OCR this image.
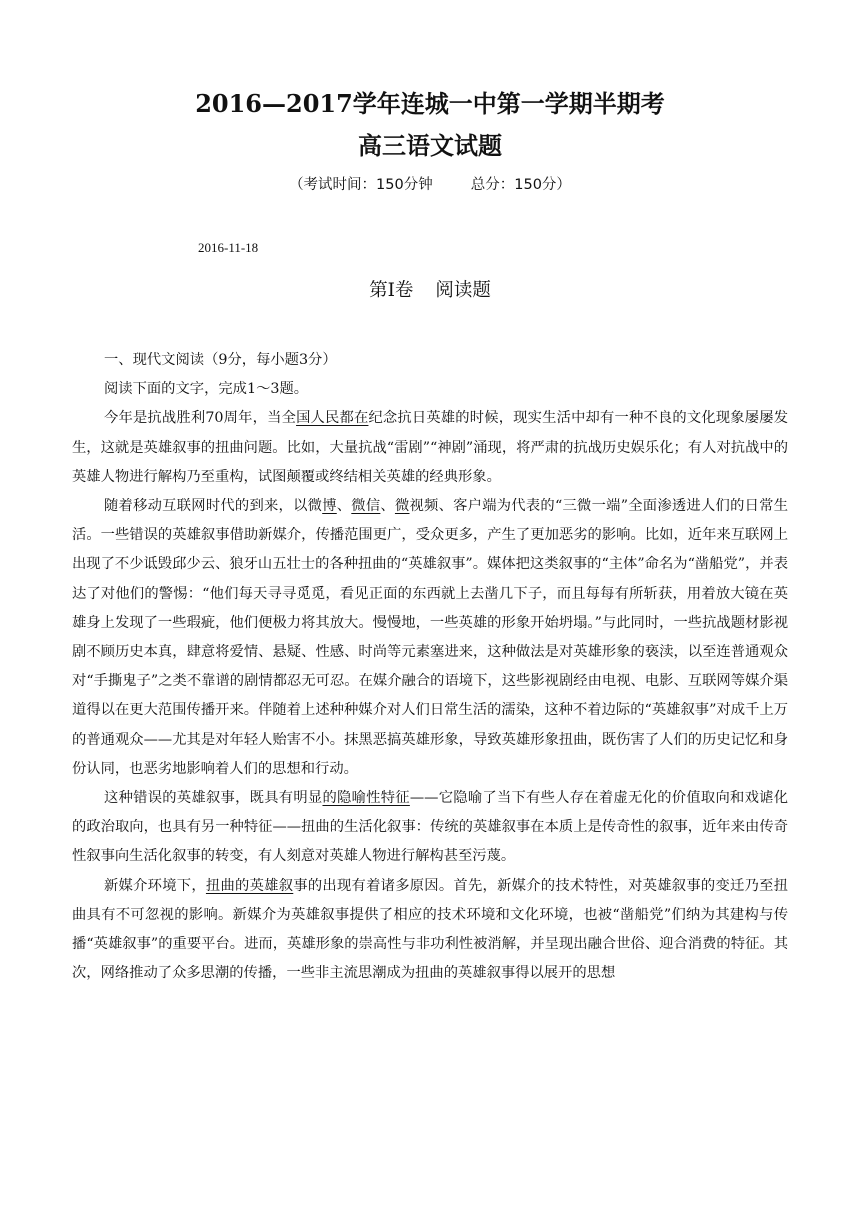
2016—2017学年连城一中第一学期半期考
高三语文试题
（考试时间：150分钟	总分：150分）
2016-11-18
第Ⅰ卷 阅读题

一、现代文阅读（9分，每小题3分）

阅读下面的文字，完成1～3题。

今年是抗战胜利70周年，当全国人民都在纪念抗日英雄的时候，现实生活中却有一种不良的文化现象屡屡发生，这就是英雄叙事的扭曲问题。比如，大量抗战“雷剧”“神剧”涌现，将严肃的抗战历史娱乐化；有人对抗战中的英雄人物进行解构乃至重构，试图颠覆或终结相关英雄的经典形象。

随着移动互联网时代的到来，以微博、微信、微视频、客户端为代表的“三微一端”全面渗透进人们的日常生活。一些错误的英雄叙事借助新媒介，传播范围更广，受众更多，产生了更加恶劣的影响。比如，近年来互联网上出现了不少诋毁邱少云、狼牙山五壮士的各种扭曲的“英雄叙事”。媒体把这类叙事的“主体”命名为“凿船党”，并表达了对他们的警惕：“他们每天寻寻觅觅，看见正面的东西就上去凿几下子，而且每每有所斩获，用着放大镜在英雄身上发现了一些瑕疵，他们便极力将其放大。慢慢地，一些英雄的形象开始坍塌。”与此同时，一些抗战题材影视剧不顾历史本真，肆意将爱情、悬疑、性感、时尚等元素塞进来，这种做法是对英雄形象的亵渎，以至连普通观众对“手撕鬼子”之类不靠谱的剧情都忍无可忍。在媒介融合的语境下，这些影视剧经由电视、电影、互联网等媒介渠道得以在更大范围传播开来。伴随着上述种种媒介对人们日常生活的濡染，这种不着边际的“英雄叙事”对成千上万的普通观众——尤其是对年轻人贻害不小。抹黑恶搞英雄形象，导致英雄形象扭曲，既伤害了人们的历史记忆和身份认同，也恶劣地影响着人们的思想和行动。

这种错误的英雄叙事，既具有明显的隐喻性特征——它隐喻了当下有些人存在着虚无化的价值取向和戏谑化的政治取向，也具有另一种特征——扭曲的生活化叙事：传统的英雄叙事在本质上是传奇性的叙事，近年来由传奇性叙事向生活化叙事的转变，有人刻意对英雄人物进行解构甚至污蔑。

新媒介环境下，扭曲的英雄叙事的出现有着诸多原因。首先，新媒介的技术特性，对英雄叙事的变迁乃至扭曲具有不可忽视的影响。新媒介为英雄叙事提供了相应的技术环境和文化环境，也被“凿船党”们纳为其建构与传播“英雄叙事”的重要平台。进而，英雄形象的崇高性与非功利性被消解，并呈现出融合世俗、迎合消费的特征。其次，网络推动了众多思潮的传播，一些非主流思潮成为扭曲的英雄叙事得以展开的思想
